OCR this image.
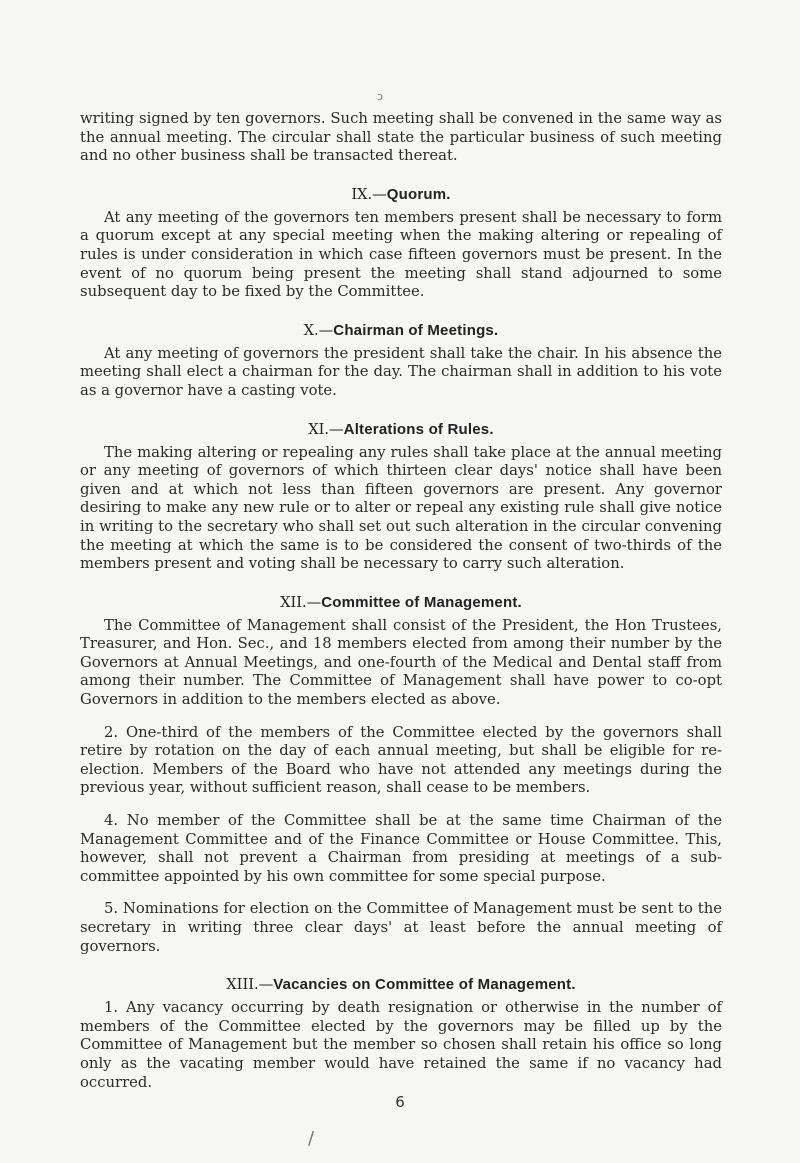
ↄ

writing signed by ten governors. Such meeting shall be convened in the same way as the annual meeting. The circular shall state the particular business of such meeting and no other business shall be transacted thereat.

IX.—Quorum.

At any meeting of the governors ten members present shall be necessary to form a quorum except at any special meeting when the making altering or repealing of rules is under consideration in which case fifteen governors must be present. In the event of no quorum being present the meeting shall stand adjourned to some subsequent day to be fixed by the Committee.

X.—Chairman of Meetings.

At any meeting of governors the president shall take the chair. In his absence the meeting shall elect a chairman for the day. The chairman shall in addition to his vote as a governor have a casting vote.

XI.—Alterations of Rules.

The making altering or repealing any rules shall take place at the annual meeting or any meeting of governors of which thirteen clear days' notice shall have been given and at which not less than fifteen governors are present. Any governor desiring to make any new rule or to alter or repeal any existing rule shall give notice in writing to the secretary who shall set out such alteration in the circular convening the meeting at which the same is to be considered the consent of two-thirds of the members present and voting shall be necessary to carry such alteration.

XII.—Committee of Management.

The Committee of Management shall consist of the President, the Hon Trustees, Treasurer, and Hon. Sec., and 18 members elected from among their number by the Governors at Annual Meetings, and one-fourth of the Medical and Dental staff from among their number. The Committee of Management shall have power to co-opt Governors in addition to the members elected as above.

2. One-third of the members of the Committee elected by the governors shall retire by rotation on the day of each annual meeting, but shall be eligible for re-election. Members of the Board who have not attended any meetings during the previous year, without sufficient reason, shall cease to be members.

4. No member of the Committee shall be at the same time Chairman of the Management Committee and of the Finance Committee or House Committee. This, however, shall not prevent a Chairman from presiding at meetings of a sub-committee appointed by his own committee for some special purpose.

5. Nominations for election on the Committee of Management must be sent to the secretary in writing three clear days' at least before the annual meeting of governors.

XIII.—Vacancies on Committee of Management.

1. Any vacancy occurring by death resignation or otherwise in the number of members of the Committee elected by the governors may be filled up by the Committee of Management but the member so chosen shall retain his office so long only as the vacating member would have retained the same if no vacancy had occurred.

6
/
